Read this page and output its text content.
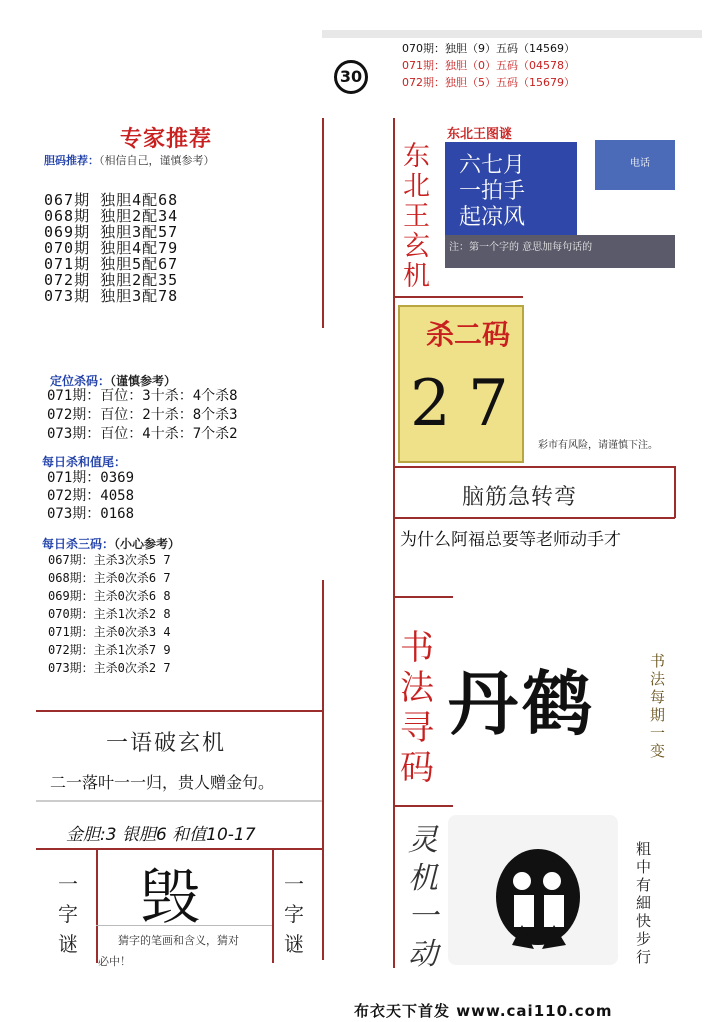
30
070期：独胆（9）五码（14569）
071期：独胆（0）五码（04578）
072期：独胆（5）五码（15679）
专家推荐
胆码推荐：（相信自己，谨慎参考）
067期 独胆4配68
068期 独胆2配34
069期 独胆3配57
070期 独胆4配79
071期 独胆5配67
072期 独胆2配35
073期 独胆3配78
定位杀码：（谨慎参考）
071期：百位：3十杀：4个杀8
072期：百位：2十杀：8个杀3
073期：百位：4十杀：7个杀2
每日杀和值尾：
071期：0369
072期：4058
073期：0168
每日杀三码：（小心参考）
067期：主杀3次杀5 7
068期：主杀0次杀6 7
069期：主杀0次杀6 8
070期：主杀1次杀2 8
071期：主杀0次杀3 4
072期：主杀1次杀7 9
073期：主杀0次杀2 7
一语破玄机
二一落叶一一归，贵人赠金句。
金胆:3 银胆6 和值10-17
一
字
谜
一
字
谜
毁
猜字的笔画和含义，猜对
必中！
东
北
王
玄
机
东北王图谜
六七月
一拍手
起凉风
电话
注：第一个字的 意思加每句话的
杀二码
2 7
彩市有风险，请谨慎下注。
脑筋急转弯
为什么阿福总要等老师动手才
书
法
寻
码
丹鹤
书
法
每
期
一
变
灵
机
一
动
粗
中
有
細
快
步
行
布衣天下首发 www.cai110.com
